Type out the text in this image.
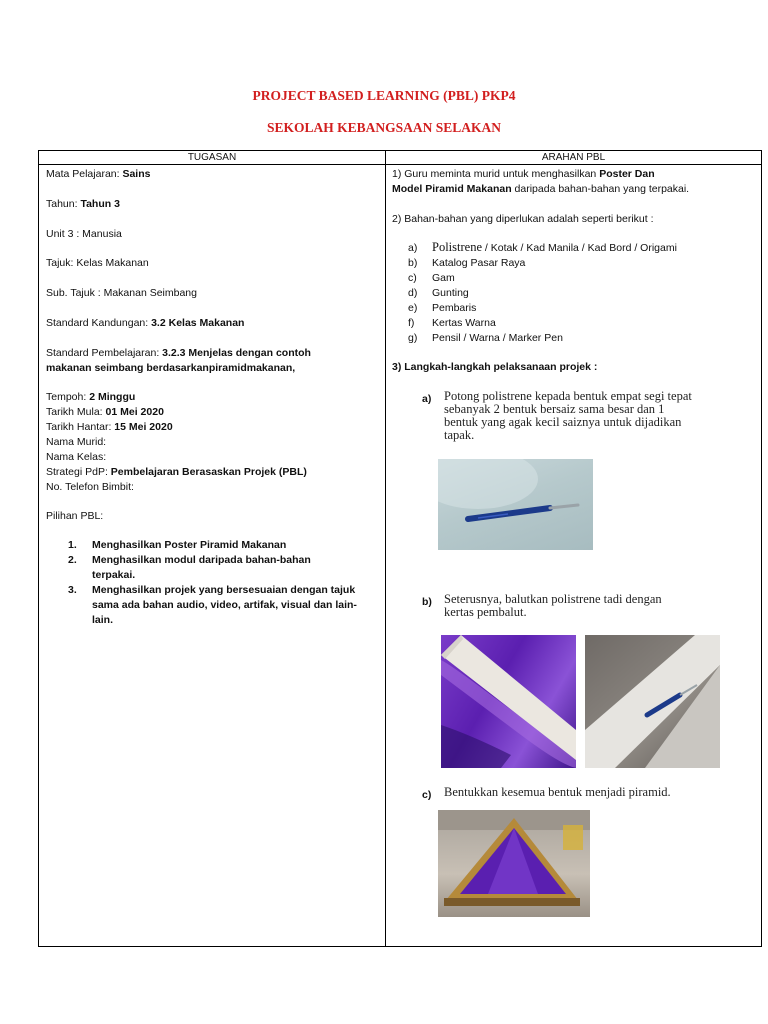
PROJECT BASED LEARNING (PBL) PKP4
SEKOLAH KEBANGSAAN SELAKAN
TUGASAN	ARAHAN PBL
Mata Pelajaran: Sains
Tahun: Tahun 3
Unit 3 : Manusia
Tajuk: Kelas Makanan
Sub. Tajuk : Makanan Seimbang
Standard Kandungan: 3.2 Kelas Makanan
Standard Pembelajaran: 3.2.3 Menjelas dengan contoh
makanan seimbang berdasarkanpiramidmakanan,
Tempoh: 2 Minggu
Tarikh Mula: 01 Mei 2020
Tarikh Hantar: 15 Mei 2020
Nama Murid:
Nama Kelas:
Strategi PdP: Pembelajaran Berasaskan Projek (PBL)
No. Telefon Bimbit:
Pilihan PBL:
1. Menghasilkan Poster Piramid Makanan
2. Menghasilkan modul daripada bahan-bahan
terpakai.
3. Menghasilkan projek yang bersesuaian dengan tajuk
sama ada bahan audio, video, artifak, visual dan lain-
lain.
1) Guru meminta murid untuk menghasilkan Poster Dan
Model Piramid Makanan daripada bahan-bahan yang terpakai.
2) Bahan-bahan yang diperlukan adalah seperti berikut :
a) Polistrene / Kotak / Kad Manila / Kad Bord / Origami
b) Katalog Pasar Raya
c) Gam
d) Gunting
e) Pembaris
f) Kertas Warna
g) Pensil / Warna / Marker Pen
3) Langkah-langkah pelaksanaan projek :
a) Potong polistrene kepada bentuk empat segi tepat
sebanyak 2 bentuk bersaiz sama besar dan 1
bentuk yang agak kecil saiznya untuk dijadikan
tapak.
b) Seterusnya, balutkan polistrene tadi dengan
kertas pembalut.
c) Bentukkan kesemua bentuk menjadi piramid.
